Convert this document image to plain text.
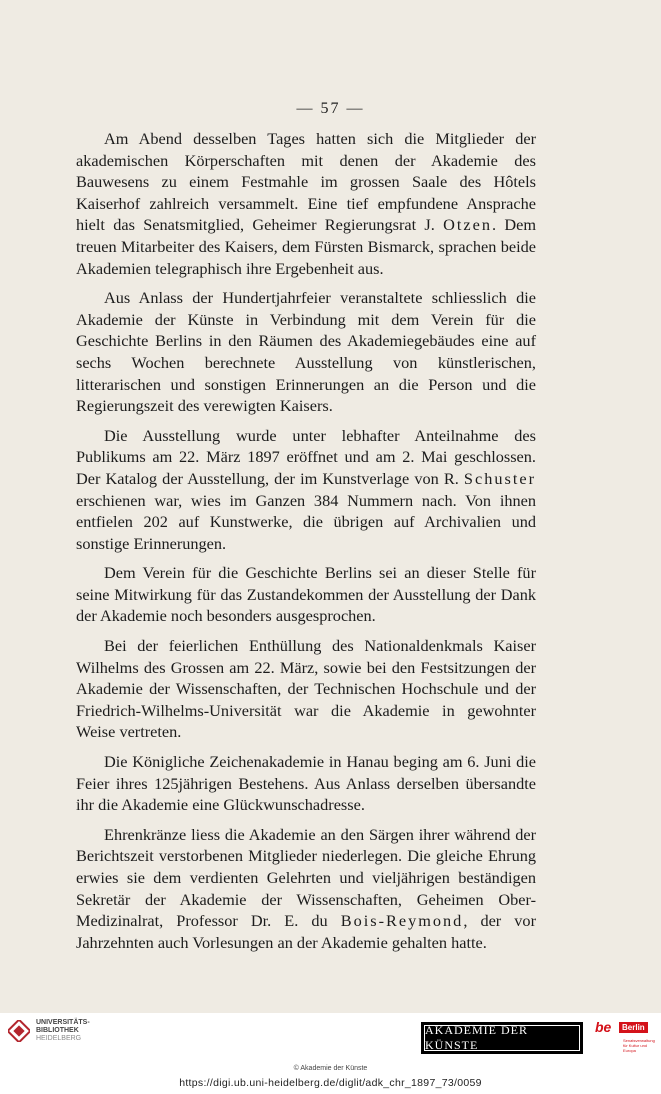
— 57 —

Am Abend desselben Tages hatten sich die Mitglieder der akademischen Körperschaften mit denen der Akademie des Bauwesens zu einem Festmahle im grossen Saale des Hôtels Kaiserhof zahlreich versammelt. Eine tief empfundene Ansprache hielt das Senatsmitglied, Geheimer Regierungsrat J. Otzen. Dem treuen Mitarbeiter des Kaisers, dem Fürsten Bismarck, sprachen beide Akademien telegraphisch ihre Ergebenheit aus.

Aus Anlass der Hundertjahrfeier veranstaltete schliesslich die Akademie der Künste in Verbindung mit dem Verein für die Geschichte Berlins in den Räumen des Akademiegebäudes eine auf sechs Wochen berechnete Ausstellung von künstlerischen, litterarischen und sonstigen Erinnerungen an die Person und die Regierungszeit des verewigten Kaisers.

Die Ausstellung wurde unter lebhafter Anteilnahme des Publikums am 22. März 1897 eröffnet und am 2. Mai geschlossen. Der Katalog der Ausstellung, der im Kunstverlage von R. Schuster erschienen war, wies im Ganzen 384 Nummern nach. Von ihnen entfielen 202 auf Kunstwerke, die übrigen auf Archivalien und sonstige Erinnerungen.

Dem Verein für die Geschichte Berlins sei an dieser Stelle für seine Mitwirkung für das Zustandekommen der Ausstellung der Dank der Akademie noch besonders ausgesprochen.

Bei der feierlichen Enthüllung des Nationaldenkmals Kaiser Wilhelms des Grossen am 22. März, sowie bei den Festsitzungen der Akademie der Wissenschaften, der Technischen Hochschule und der Friedrich-Wilhelms-Universität war die Akademie in gewohnter Weise vertreten.

Die Königliche Zeichenakademie in Hanau beging am 6. Juni die Feier ihres 125jährigen Bestehens. Aus Anlass derselben übersandte ihr die Akademie eine Glückwunschadresse.

Ehrenkränze liess die Akademie an den Särgen ihrer während der Berichtszeit verstorbenen Mitglieder niederlegen. Die gleiche Ehrung erwies sie dem verdienten Gelehrten und vieljährigen beständigen Sekretär der Akademie der Wissenschaften, Geheimen Ober-Medizinalrat, Professor Dr. E. du Bois-Reymond, der vor Jahrzehnten auch Vorlesungen an der Akademie gehalten hatte.

UNIVERSITÄTS-
BIBLIOTHEK
HEIDELBERG
AKADEMIE DER KÜNSTE
be	Berlin
Senatsverwaltung
für Kultur und Europa
© Akademie der Künste
https://digi.ub.uni-heidelberg.de/diglit/adk_chr_1897_73/0059
